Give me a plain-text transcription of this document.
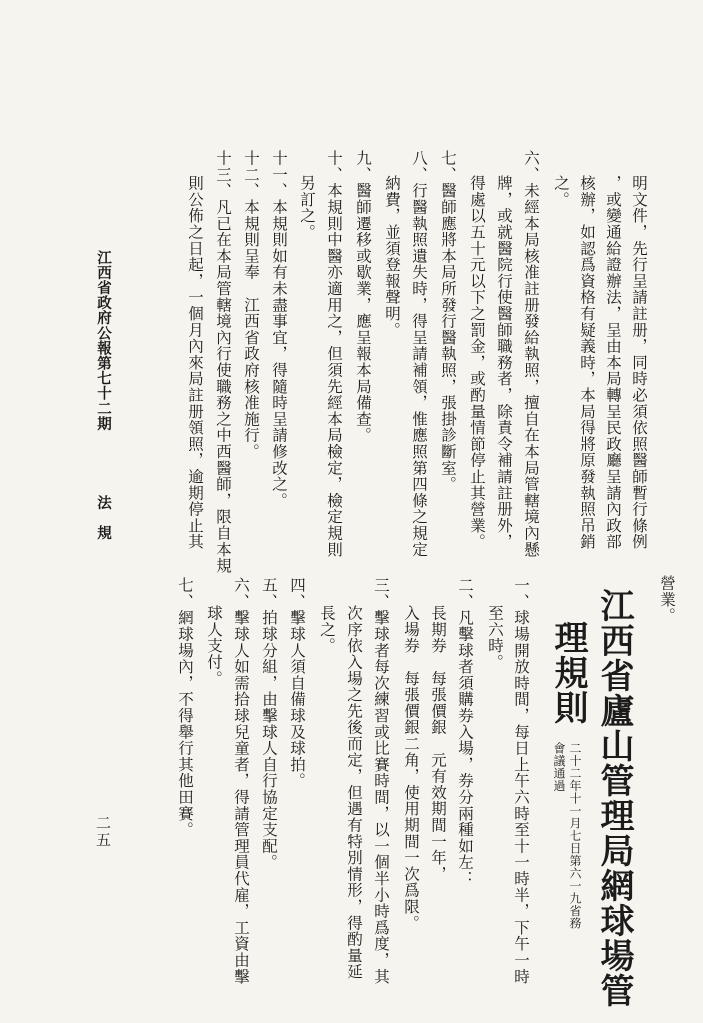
明文件，先行呈請註册，同時必須依照醫師暫行條例
，或變通給證辦法，呈由本局轉呈民政廳呈請內政部
核辦，如認爲資格有疑義時，本局得將原發執照吊銷
之。
六、未經本局核准註册發給執照，擅自在本局管轄境內懸
牌，或就醫院行使醫師職務者，除責令補請註册外，
得處以五十元以下之罰金，或酌量情節停止其營業。
七、醫師應將本局所發行醫執照，張掛診斷室。
八、行醫執照遺失時，得呈請補領，惟應照第四條之規定
納費，並須登報聲明。
九、醫師遷移或歇業，應呈報本局備查。
十、本規則中醫亦適用之，但須先經本局檢定，檢定規則
另訂之。
十一、本規則如有未盡事宜，得隨時呈請修改之。
十二、本規則呈奉　江西省政府核准施行。
十三、凡已在本局管轄境內行使職務之中西醫師，限自本規
則公佈之日起，一個月內來局註册領照，逾期停止其
江西省政府公報第七十二期
法　規
二五
營業。
江西省廬山管理局網球場管
理規則
二十二年十一月七日第六一九省務
會議通過
一、球場開放時間，每日上午六時至十一時半，下午一時
至六時。
二、凡擊球者須購券入場，券分兩種如左：
長期券　每張價銀　元有效期間一年，
入場券　每張價銀二角，使用期間一次爲限。
三、擊球者每次練習或比賽時間，以一個半小時爲度，其
次序依入場之先後而定，但遇有特別情形，得酌量延
長之。
四、擊球人須自備球及球拍。
五、拍球分組，由擊球人自行協定支配。
六、擊球人如需拾球兒童者，得請管理員代雇，工資由擊
球人支付。
七、網球場內，不得舉行其他田賽。
